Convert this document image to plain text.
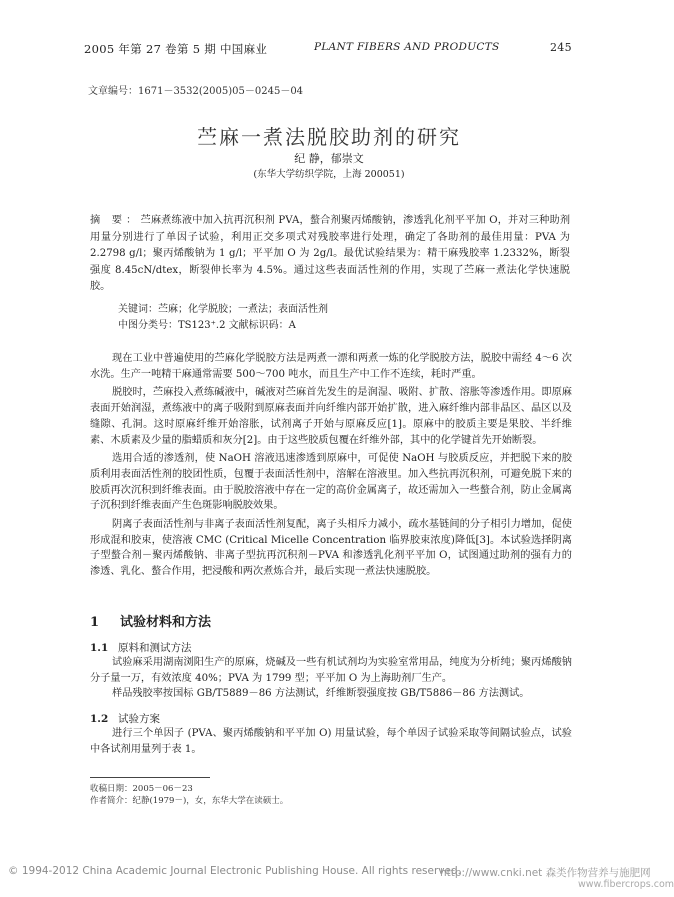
2005 年第 27 卷第 5 期 中国麻业	PLANT FIBERS AND PRODUCTS	245
文章编号：1671－3532(2005)05－0245－04
苎麻一煮法脱胶助剂的研究
纪 静，郁崇文
(东华大学纺织学院，上海 200051)
摘 要：苎麻煮练液中加入抗再沉积剂 PVA，螯合剂聚丙烯酸钠，渗透乳化剂平平加 O，并对三种助剂用量分别进行了单因子试验，利用正交多项式对残胶率进行处理，确定了各助剂的最佳用量：PVA 为 2.2798 g/l；聚丙烯酸钠为 1 g/l；平平加 O 为 2g/l。最优试验结果为：精干麻残胶率 1.2332%，断裂强度 8.45cN/dtex，断裂伸长率为 4.5%。通过这些表面活性剂的作用，实现了苎麻一煮法化学快速脱胶。
关键词：苎麻；化学脱胶；一煮法；表面活性剂
中图分类号：TS123⁺.2 文献标识码：A

现在工业中普遍使用的苎麻化学脱胶方法是两煮一漂和两煮一炼的化学脱胶方法，脱胶中需经 4～6 次水洗。生产一吨精干麻通常需要 500～700 吨水，而且生产中工作不连续，耗时严重。

脱胶时，苎麻投入煮练碱液中，碱液对苎麻首先发生的是润湿、吸附、扩散、溶胀等渗透作用。即原麻表面开始润湿，煮练液中的离子吸附到原麻表面并向纤维内部开始扩散，进入麻纤维内部非晶区、晶区以及缝隙、孔洞。这时原麻纤维开始溶胀，试剂离子开始与原麻反应[1]。原麻中的胶质主要是果胶、半纤维素、木质素及少量的脂蜡质和灰分[2]。由于这些胶质包覆在纤维外部，其中的化学键首先开始断裂。

选用合适的渗透剂，使 NaOH 溶液迅速渗透到原麻中，可促使 NaOH 与胶质反应，并把脱下来的胶质利用表面活性剂的胶团性质，包覆于表面活性剂中，溶解在溶液里。加入些抗再沉积剂，可避免脱下来的胶质再次沉积到纤维表面。由于脱胶溶液中存在一定的高价金属离子，故还需加入一些螯合剂，防止金属离子沉积到纤维表面产生色斑影响脱胶效果。

阴离子表面活性剂与非离子表面活性剂复配，离子头相斥力减小，疏水基链间的分子相引力增加，促使形成混和胶束，使溶液 CMC (Critical Micelle Concentration 临界胶束浓度)降低[3]。本试验选择阴离子型螯合剂－聚丙烯酸钠、非离子型抗再沉积剂－PVA 和渗透乳化剂平平加 O，试图通过助剂的强有力的渗透、乳化、螯合作用，把浸酸和两次煮炼合并，最后实现一煮法快速脱胶。

1 试验材料和方法
1.1 原料和测试方法

试验麻采用湖南浏阳生产的原麻，烧碱及一些有机试剂均为实验室常用品，纯度为分析纯；聚丙烯酸钠分子量一万，有效浓度 40%；PVA 为 1799 型；平平加 O 为上海助剂厂生产。

样品残胶率按国标 GB/T5889－86 方法测试，纤维断裂强度按 GB/T5886－86 方法测试。

1.2 试验方案

进行三个单因子 (PVA、聚丙烯酸钠和平平加 O) 用量试验，每个单因子试验采取等间隔试验点，试验中各试剂用量列于表 1。

收稿日期：2005－06－23
作者简介：纪静(1979－)，女，东华大学在读硕士。
© 1994-2012 China Academic Journal Electronic Publishing House. All rights reserved.
http://www.cnki.net 森类作物营养与施肥网
www.fibercrops.com
